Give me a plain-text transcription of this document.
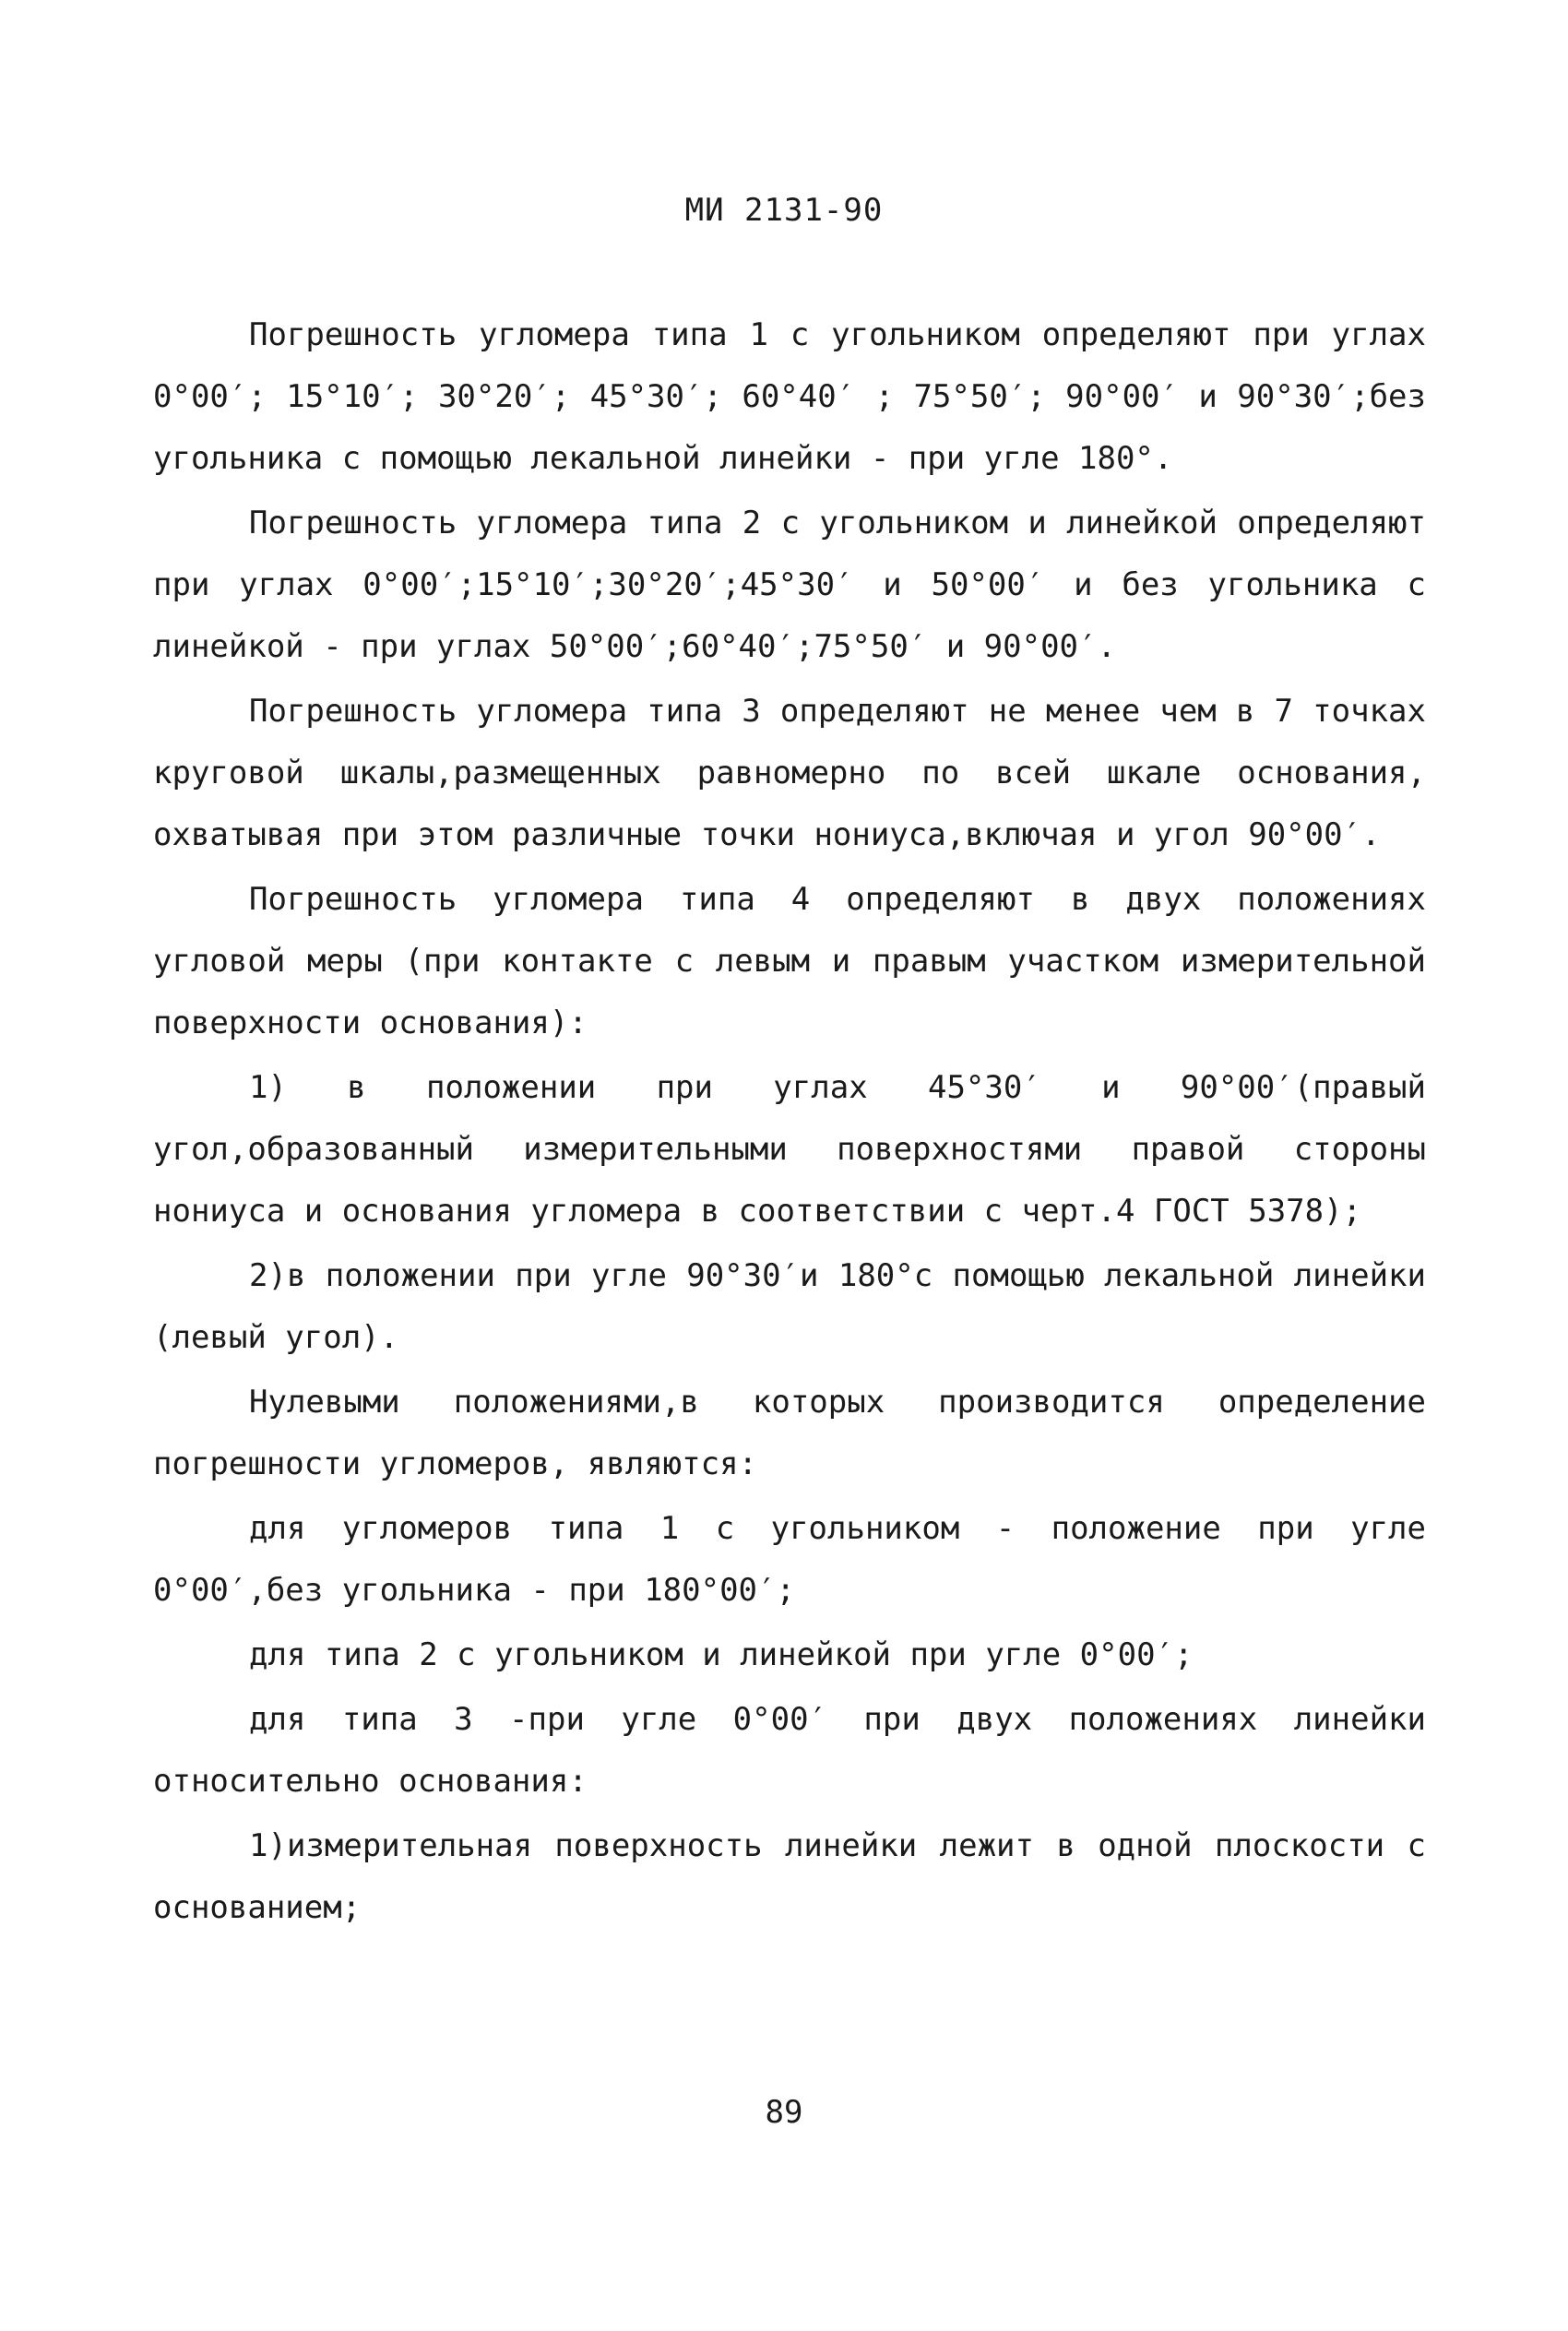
МИ 2131-90

Погрешность угломера типа 1 с угольником определяют при углах 0°00′; 15°10′; 30°20′; 45°30′; 60°40′ ; 75°50′; 90°00′ и 90°30′;без угольника с помощью лекальной линейки - при угле 180°.

Погрешность угломера типа 2 с угольником и линейкой определяют при углах 0°00′;15°10′;30°20′;45°30′ и 50°00′ и без угольника с линейкой - при углах 50°00′;60°40′;75°50′ и 90°00′.

Погрешность угломера типа 3 определяют не менее чем в 7 точках круговой шкалы,размещенных равномерно по всей шкале основания, охватывая при этом различные точки нониуса,включая и угол 90°00′.

Погрешность угломера типа 4 определяют в двух положениях угловой меры (при контакте с левым и правым участком измерительной поверхности основания):

1) в положении при углах 45°30′ и 90°00′(правый угол,образованный измерительными поверхностями правой стороны нониуса и основания угломера в соответствии с черт.4 ГОСТ 5378);

2)в положении при угле 90°30′и 180°с помощью лекальной линейки (левый угол).

Нулевыми положениями,в которых производится определение погрешности угломеров, являются:

для угломеров типа 1 с угольником - положение при угле 0°00′,без угольника - при 180°00′;

для типа 2 с угольником и линейкой при угле 0°00′;

для типа 3 -при угле 0°00′ при двух положениях линейки относительно основания:

1)измерительная поверхность линейки лежит в одной плоскости с основанием;

89
